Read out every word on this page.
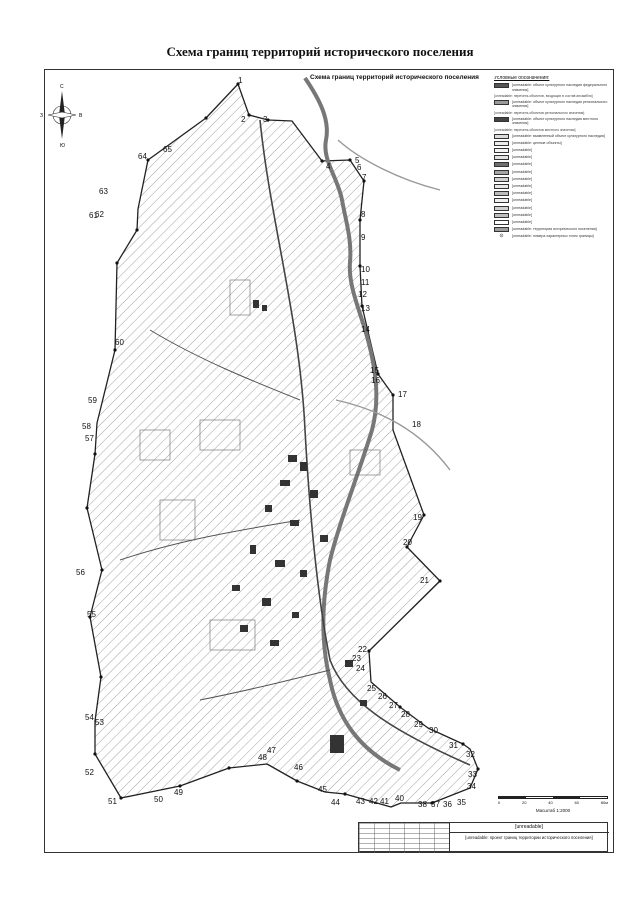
Схема границ территорий исторического поселения
1
2 3
4
5
6
7
8
9
10
11
12
13
14
15
16
17
18
19
20
21
22
23
24
25
26
27
28
29
30
31
32
33
34
35
36
37
38
40
41
42
43
44
45
46
47
48
49
50
51
52
53
54
55
56
57
58
59
60
61
62
63
64
65
С
Ю
З	В
Схема границ территорий исторического поселения	Условные обозначения:
[unreadable: объект культурного наследия федерального значения]
[unreadable: перечень объектов, входящих в состав ансамбля]
[unreadable: объект культурного наследия регионального значения]
[unreadable: перечень объектов регионального значения]
[unreadable: объект культурного наследия местного значения]
[unreadable: перечень объектов местного значения]
[unreadable: выявленный объект культурного наследия]
[unreadable: ценные объекты]
[unreadable]
[unreadable]
[unreadable]
[unreadable]
[unreadable]
[unreadable]
[unreadable]
[unreadable]
[unreadable]
[unreadable]
[unreadable]
[unreadable: территория исторического поселения]
⊙	[unreadable: номера характерных точек границы]
0	20	40	60	80м
Масштаб 1:2000
[unreadable]
[unreadable: проект границ территории исторического поселения]
